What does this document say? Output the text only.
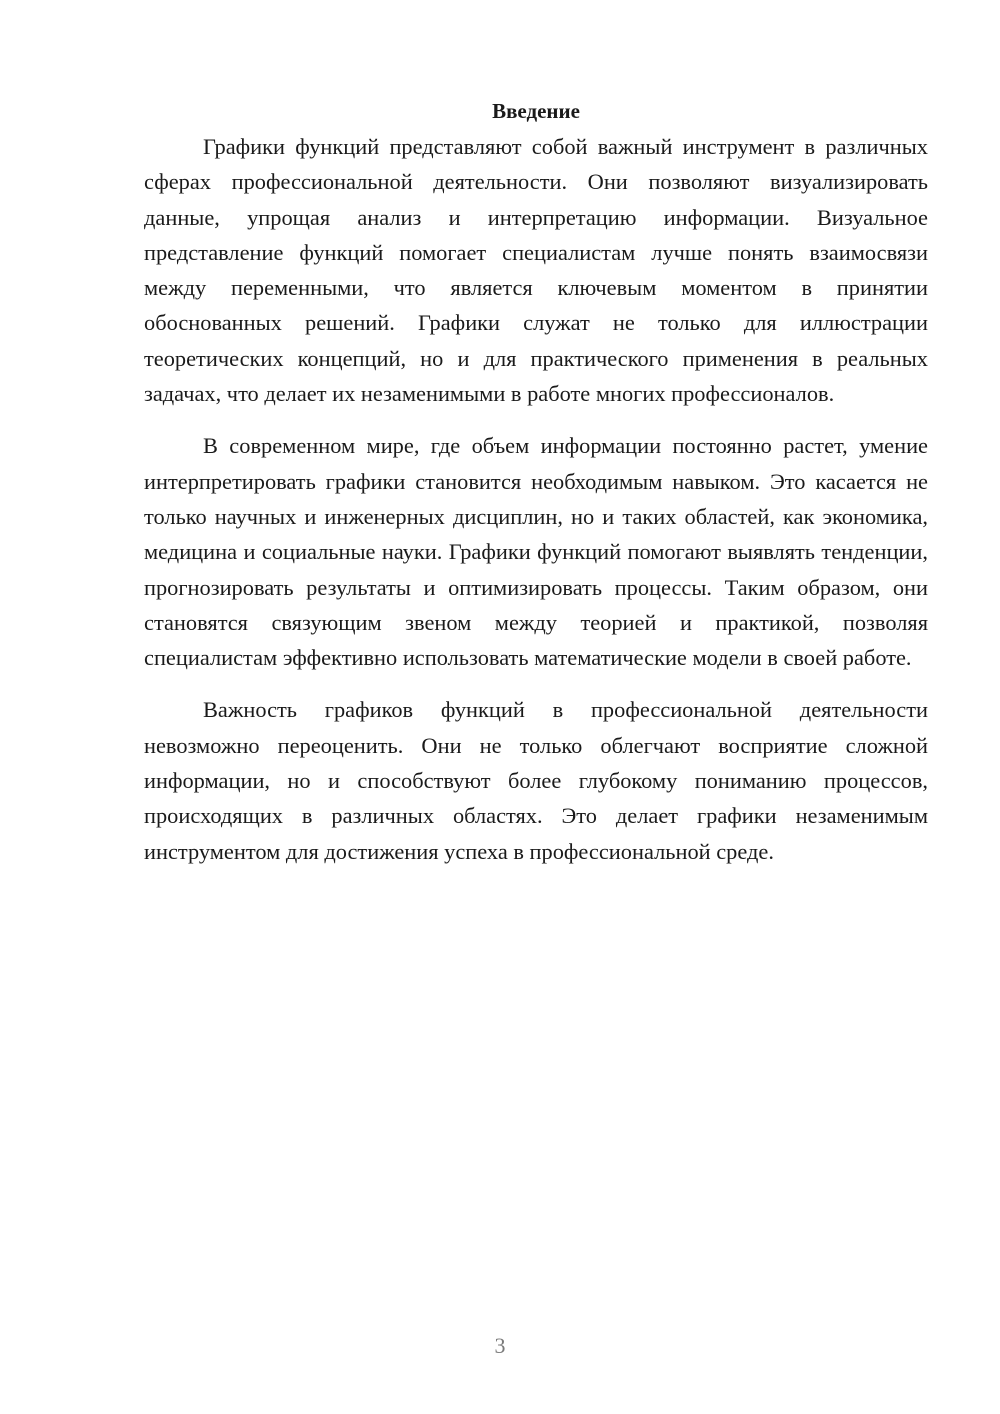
Введение

Графики функций представляют собой важный инструмент в различных сферах профессиональной деятельности. Они позволяют визуализировать данные, упрощая анализ и интерпретацию информации. Визуальное представление функций помогает специалистам лучше понять взаимосвязи между переменными, что является ключевым моментом в принятии обоснованных решений. Графики служат не только для иллюстрации теоретических концепций, но и для практического применения в реальных задачах, что делает их незаменимыми в работе многих профессионалов.

В современном мире, где объем информации постоянно растет, умение интерпретировать графики становится необходимым навыком. Это касается не только научных и инженерных дисциплин, но и таких областей, как экономика, медицина и социальные науки. Графики функций помогают выявлять тенденции, прогнозировать результаты и оптимизировать процессы. Таким образом, они становятся связующим звеном между теорией и практикой, позволяя специалистам эффективно использовать математические модели в своей работе.

Важность графиков функций в профессиональной деятельности невозможно переоценить. Они не только облегчают восприятие сложной информации, но и способствуют более глубокому пониманию процессов, происходящих в различных областях. Это делает графики незаменимым инструментом для достижения успеха в профессиональной среде.

3
